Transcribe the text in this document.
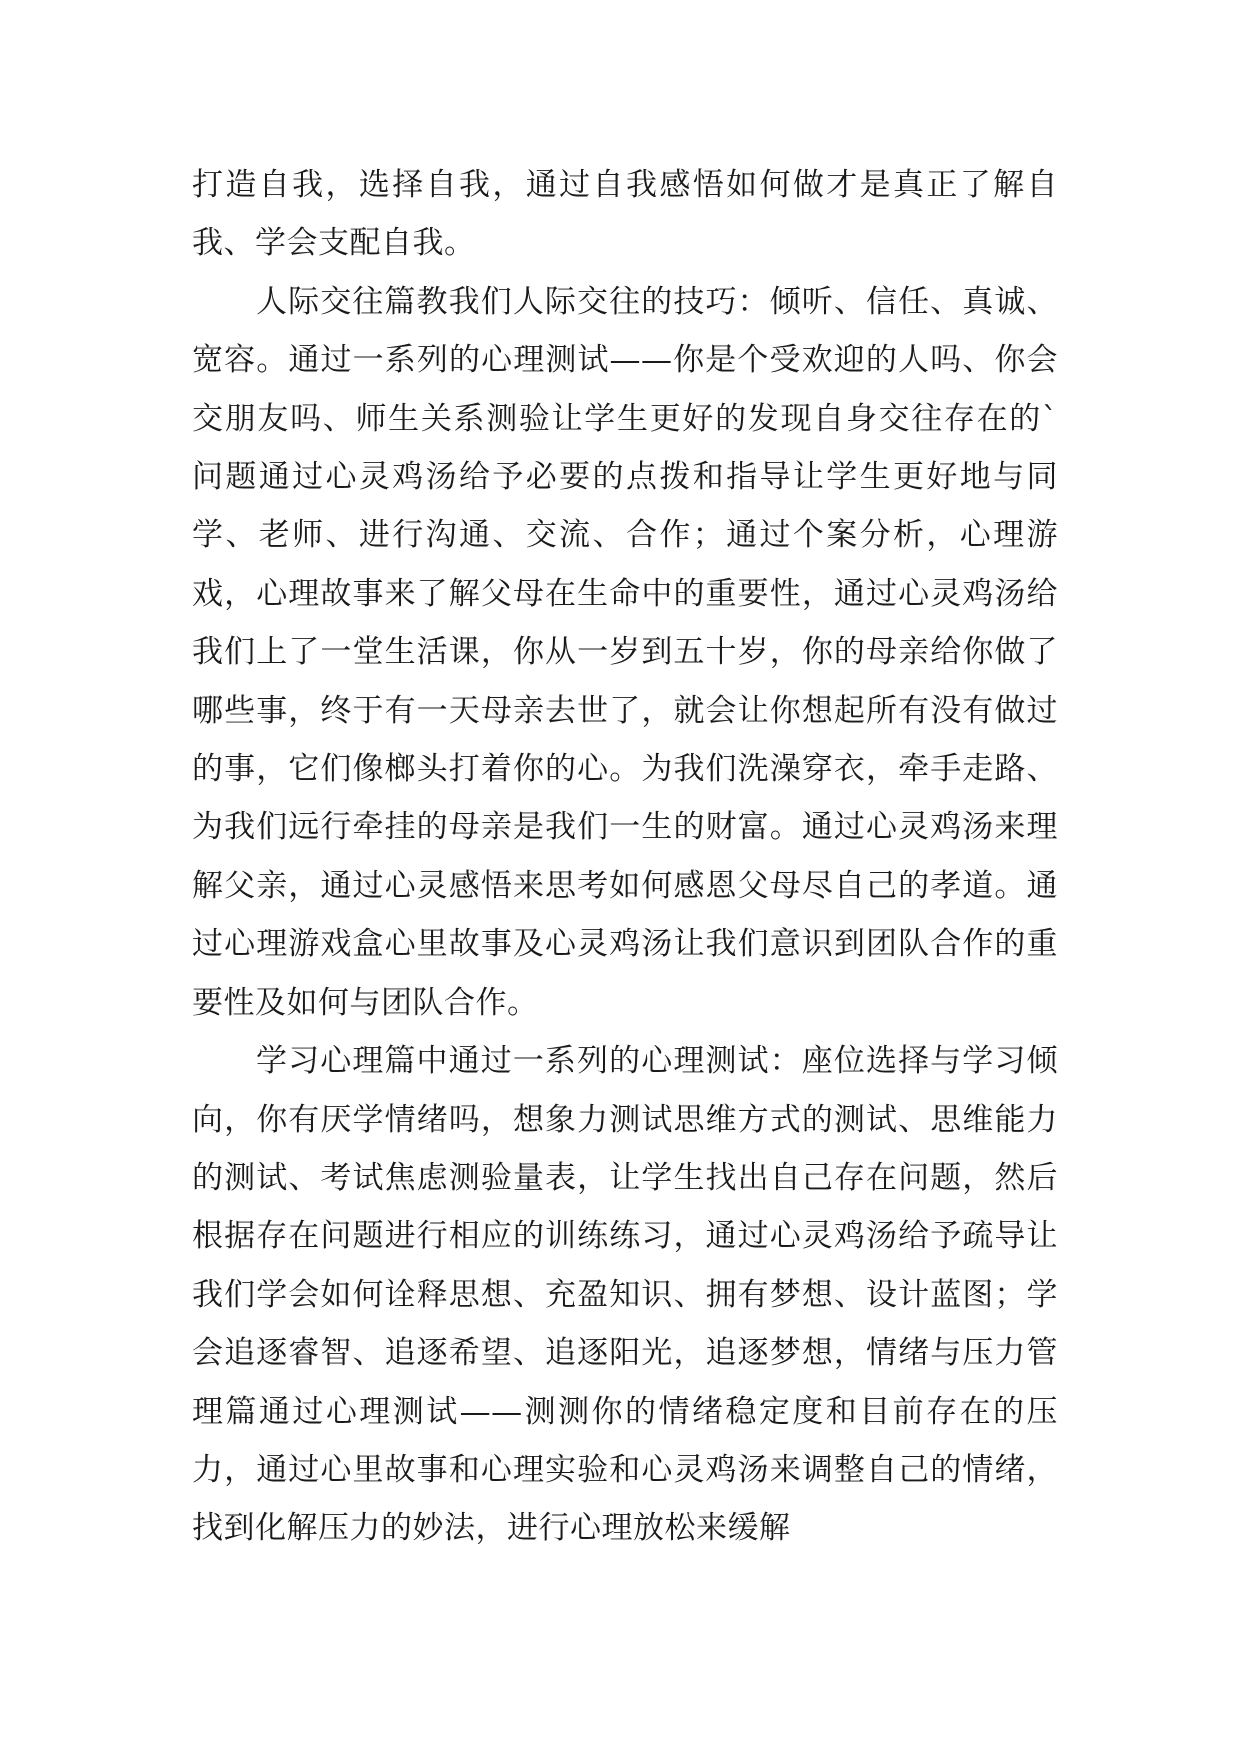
打造自我，选择自我，通过自我感悟如何做才是真正了解自我、学会支配自我。

人际交往篇教我们人际交往的技巧：倾听、信任、真诚、宽容。通过一系列的心理测试——你是个受欢迎的人吗、你会交朋友吗、师生关系测验让学生更好的发现自身交往存在的`问题通过心灵鸡汤给予必要的点拨和指导让学生更好地与同学、老师、进行沟通、交流、合作；通过个案分析，心理游戏，心理故事来了解父母在生命中的重要性，通过心灵鸡汤给我们上了一堂生活课，你从一岁到五十岁，你的母亲给你做了哪些事，终于有一天母亲去世了，就会让你想起所有没有做过的事，它们像榔头打着你的心。为我们洗澡穿衣，牵手走路、为我们远行牵挂的母亲是我们一生的财富。通过心灵鸡汤来理解父亲，通过心灵感悟来思考如何感恩父母尽自己的孝道。通过心理游戏盒心里故事及心灵鸡汤让我们意识到团队合作的重要性及如何与团队合作。

学习心理篇中通过一系列的心理测试：座位选择与学习倾向，你有厌学情绪吗，想象力测试思维方式的测试、思维能力的测试、考试焦虑测验量表，让学生找出自己存在问题，然后根据存在问题进行相应的训练练习，通过心灵鸡汤给予疏导让我们学会如何诠释思想、充盈知识、拥有梦想、设计蓝图；学会追逐睿智、追逐希望、追逐阳光，追逐梦想，情绪与压力管理篇通过心理测试——测测你的情绪稳定度和目前存在的压力，通过心里故事和心理实验和心灵鸡汤来调整自己的情绪，找到化解压力的妙法，进行心理放松来缓解
